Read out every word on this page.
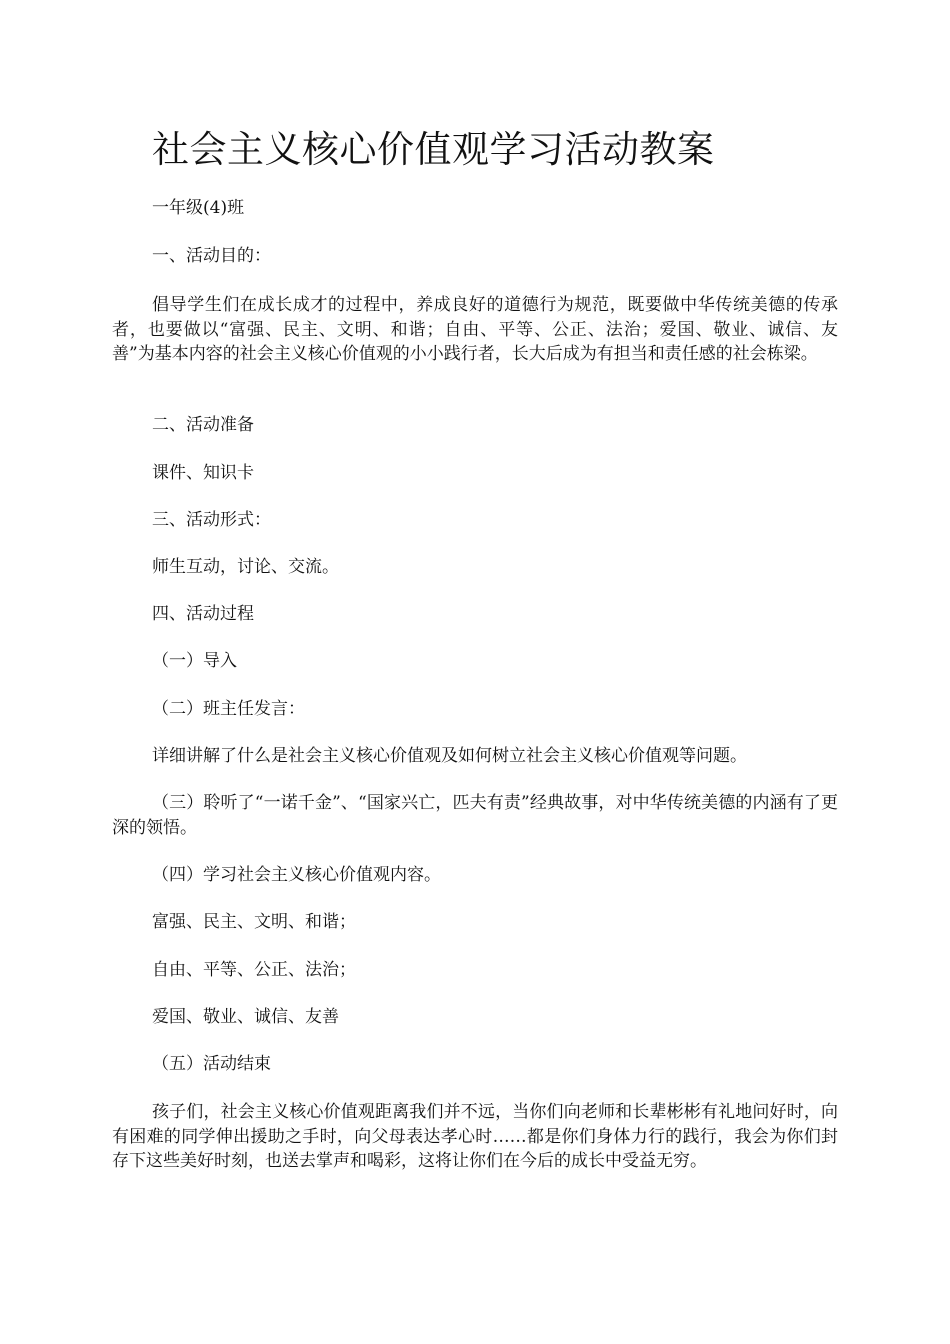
社会主义核心价值观学习活动教案

一年级(4)班

一、活动目的：

倡导学生们在成长成才的过程中，养成良好的道德行为规范，既要做中华传统美德的传承者，也要做以“富强、民主、文明、和谐；自由、平等、公正、法治；爱国、敬业、诚信、友善”为基本内容的社会主义核心价值观的小小践行者，长大后成为有担当和责任感的社会栋梁。

二、活动准备

课件、知识卡

三、活动形式：

师生互动，讨论、交流。

四、活动过程

（一）导入

（二）班主任发言：

详细讲解了什么是社会主义核心价值观及如何树立社会主义核心价值观等问题。

（三）聆听了“一诺千金”、“国家兴亡，匹夫有责”经典故事，对中华传统美德的内涵有了更深的领悟。

（四）学习社会主义核心价值观内容。

富强、民主、文明、和谐；

自由、平等、公正、法治；

爱国、敬业、诚信、友善

（五）活动结束

孩子们，社会主义核心价值观距离我们并不远，当你们向老师和长辈彬彬有礼地问好时，向有困难的同学伸出援助之手时，向父母表达孝心时……都是你们身体力行的践行，我会为你们封存下这些美好时刻，也送去掌声和喝彩，这将让你们在今后的成长中受益无穷。
